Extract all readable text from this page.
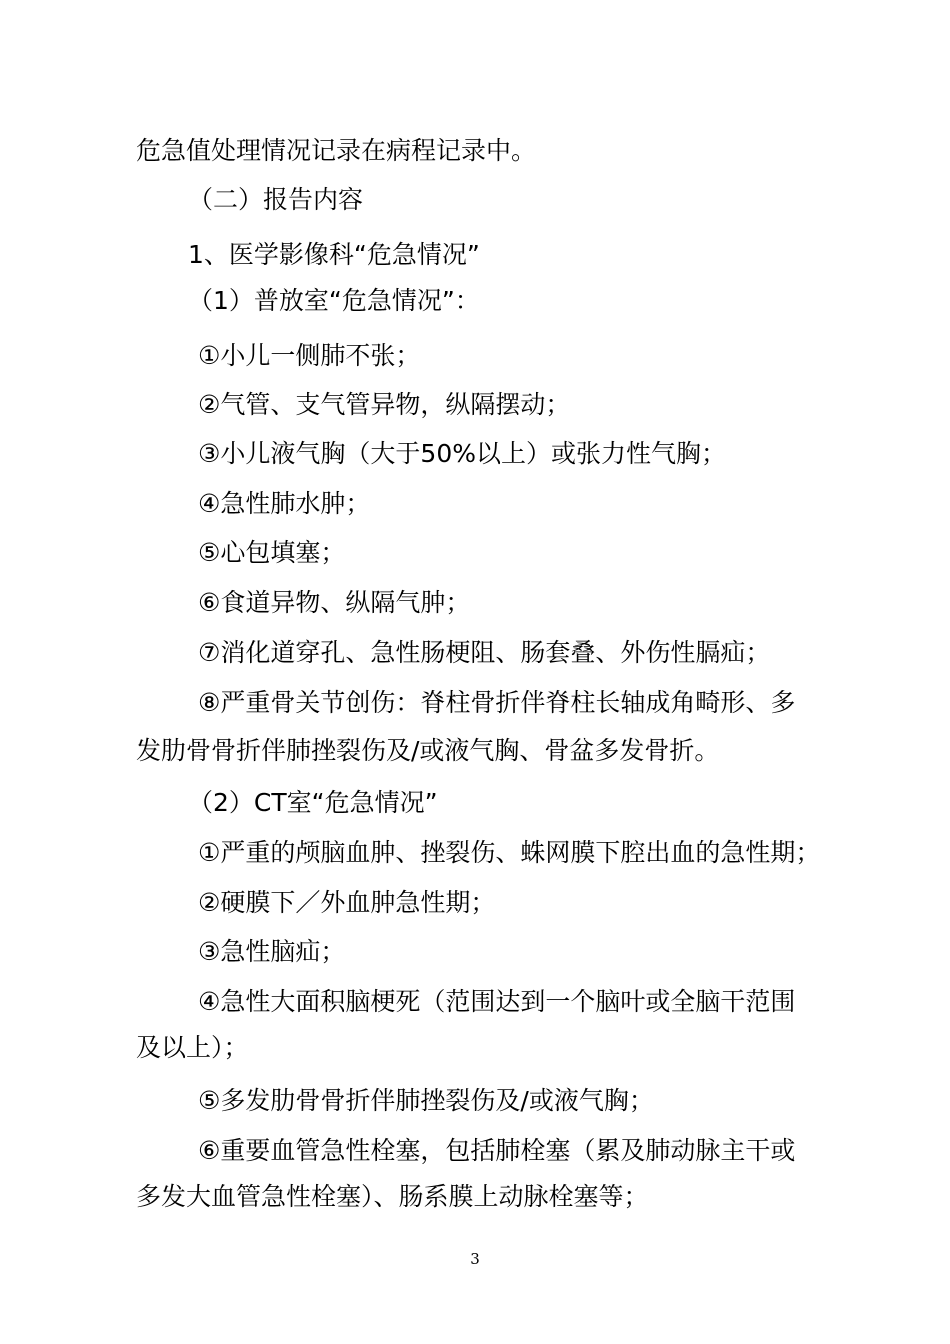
危急值处理情况记录在病程记录中。

（二）报告内容

1、医学影像科“危急情况”

（1）普放室“危急情况”：

①小儿一侧肺不张；

②气管、支气管异物，纵隔摆动；

③小儿液气胸（大于50%以上）或张力性气胸；

④急性肺水肿；

⑤心包填塞；

⑥食道异物、纵隔气肿；

⑦消化道穿孔、急性肠梗阻、肠套叠、外伤性膈疝；

⑧严重骨关节创伤：脊柱骨折伴脊柱长轴成角畸形、多

发肋骨骨折伴肺挫裂伤及/或液气胸、骨盆多发骨折。

（2）CT室“危急情况”

①严重的颅脑血肿、挫裂伤、蛛网膜下腔出血的急性期；

②硬膜下／外血肿急性期；

③急性脑疝；

④急性大面积脑梗死（范围达到一个脑叶或全脑干范围

及以上）；

⑤多发肋骨骨折伴肺挫裂伤及/或液气胸；

⑥重要血管急性栓塞，包括肺栓塞（累及肺动脉主干或

多发大血管急性栓塞）、肠系膜上动脉栓塞等；

3
